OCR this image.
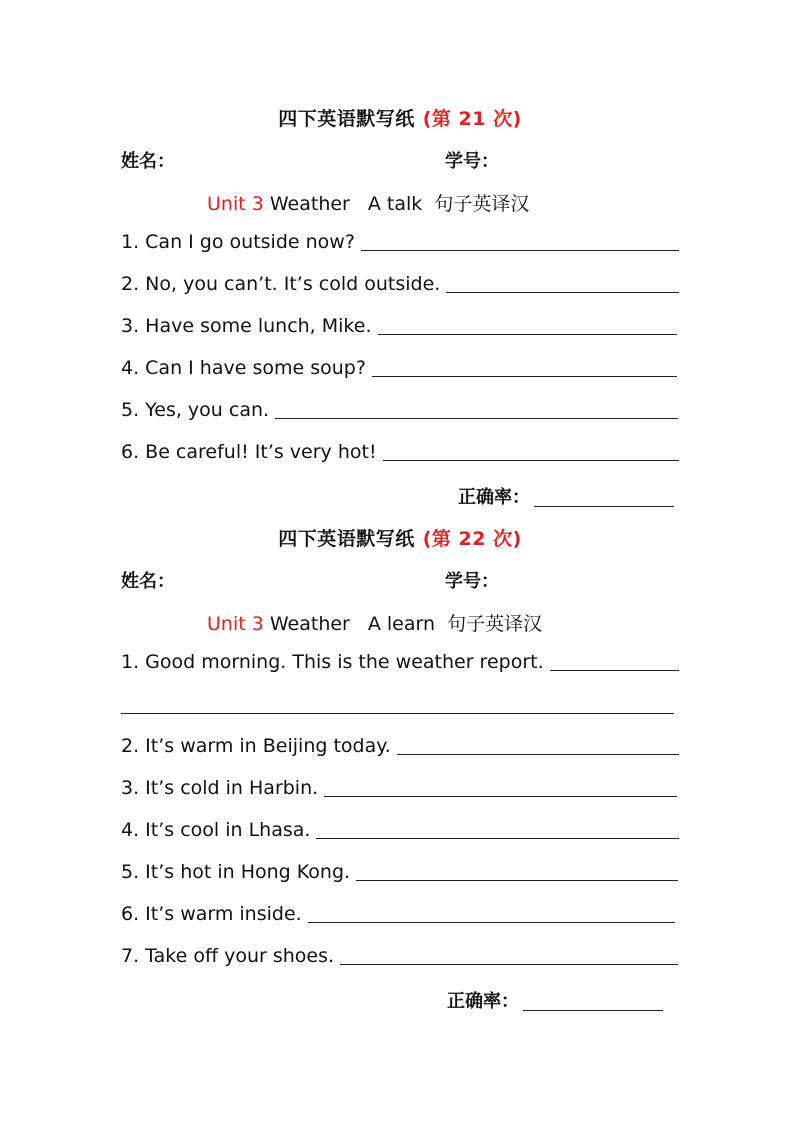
四下英语默写纸 (第 21 次)
姓名：	学号：
Unit 3 Weather A talk 句子英译汉
1. Can I go outside now?
2. No, you can’t. It’s cold outside.
3. Have some lunch, Mike.
4. Can I have some soup?
5. Yes, you can.
6. Be careful! It’s very hot!
正确率：
四下英语默写纸 (第 22 次)
姓名：	学号：
Unit 3 Weather A learn 句子英译汉
1. Good morning. This is the weather report.
2. It’s warm in Beijing today.
3. It’s cold in Harbin.
4. It’s cool in Lhasa.
5. It’s hot in Hong Kong.
6. It’s warm inside.
7. Take off your shoes.
正确率：
